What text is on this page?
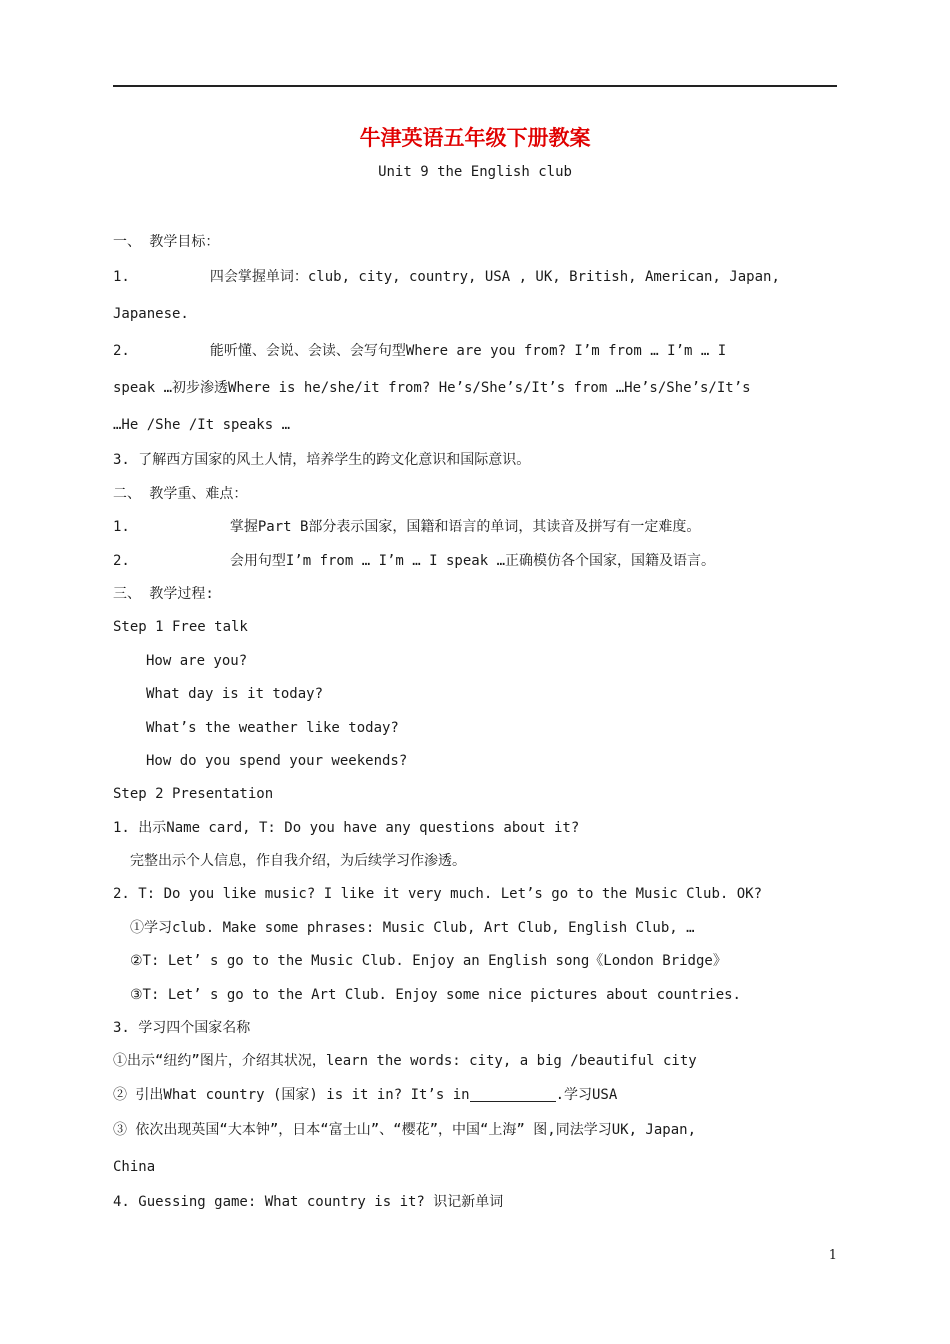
牛津英语五年级下册教案
Unit 9 the English club
一、 教学目标：
1.	四会掌握单词：club, city, country, USA , UK, British, American, Japan,
Japanese.
2.	能听懂、会说、会读、会写句型Where are you from? I’m from … I’m … I
speak …初步渗透Where is he/she/it from? He’s/She’s/It’s from …He’s/She’s/It’s
…He /She /It speaks …
3. 了解西方国家的风土人情，培养学生的跨文化意识和国际意识。
二、 教学重、难点：
1.	掌握Part B部分表示国家，国籍和语言的单词，其读音及拼写有一定难度。
2.	会用句型I’m from … I’m … I speak …正确模仿各个国家，国籍及语言。
三、 教学过程:
Step 1 Free talk
How are you?
What day is it today?
What’s the weather like today?
How do you spend your weekends?
Step 2 Presentation
1. 出示Name card, T: Do you have any questions about it?
完整出示个人信息，作自我介绍，为后续学习作渗透。
2. T: Do you like music? I like it very much. Let’s go to the Music Club. OK?
①学习club. Make some phrases: Music Club, Art Club, English Club, …
②T: Let’ s go to the Music Club. Enjoy an English song《London Bridge》
③T: Let’ s go to the Art Club. Enjoy some nice pictures about countries.
3. 学习四个国家名称
①出示“纽约”图片，介绍其状况，learn the words: city, a big /beautiful city
② 引出What country (国家) is it in? It’s in	.学习USA
③ 依次出现英国“大本钟”，日本“富士山”、“樱花”，中国“上海” 图,同法学习UK, Japan,
China
4. Guessing game: What country is it? 识记新单词
1
